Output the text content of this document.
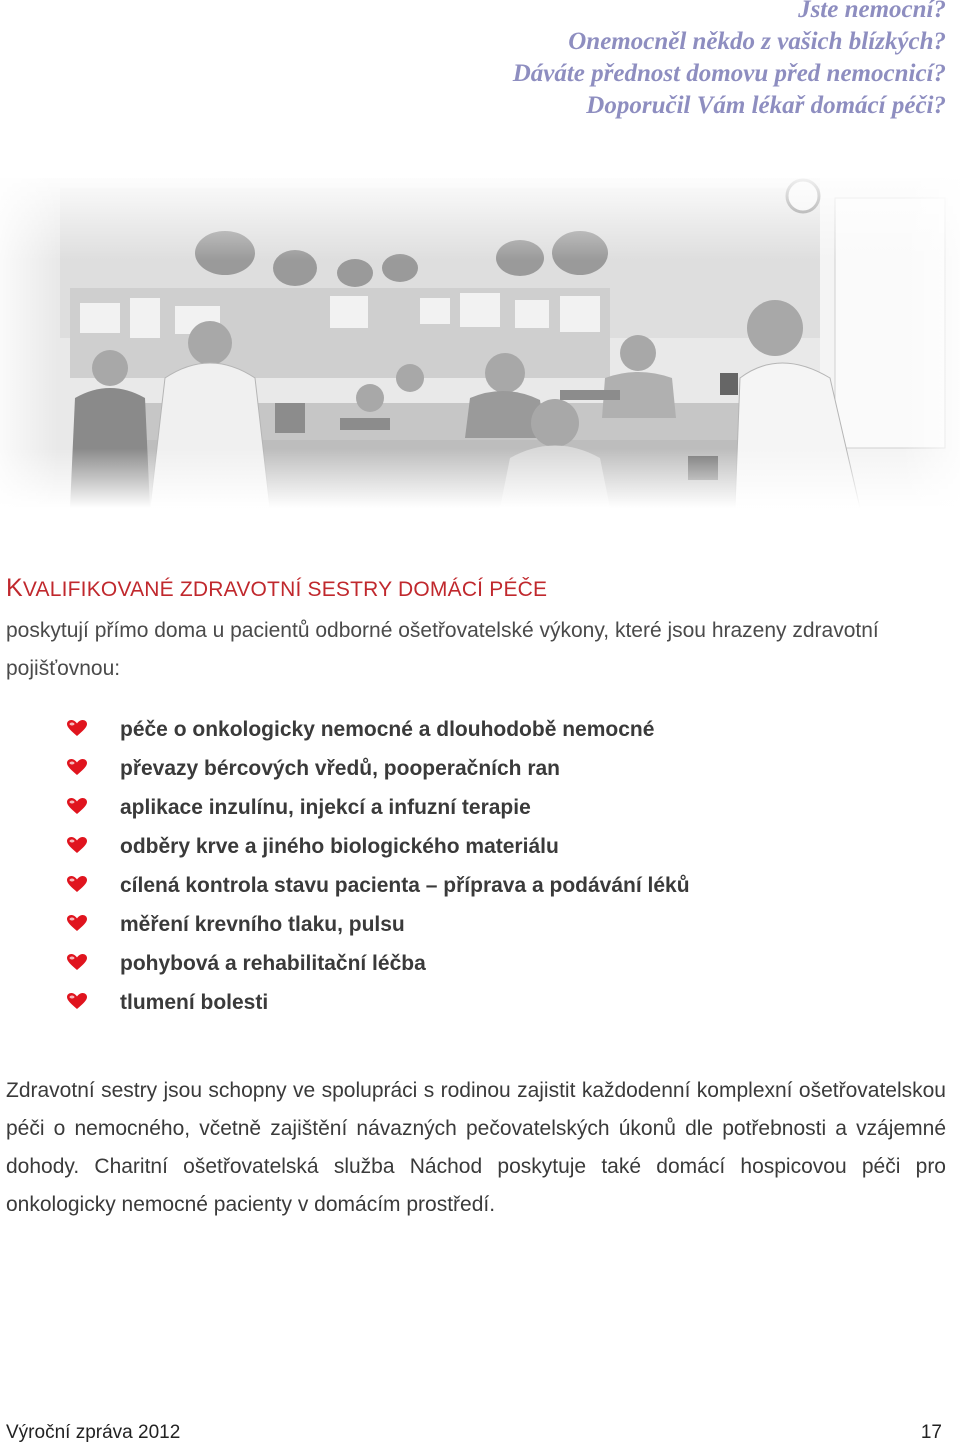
Jste nemocní?
Onemocněl někdo z vašich blízkých?
Dáváte přednost domovu před nemocnicí?
Doporučil Vám lékař domácí péči?
KVALIFIKOVANÉ ZDRAVOTNÍ SESTRY DOMÁCÍ PÉČE
poskytují přímo doma u pacientů odborné ošetřovatelské výkony, které jsou hrazeny zdravotní pojišťovnou:
péče o onkologicky nemocné a dlouhodobě nemocné
převazy bércových vředů, pooperačních ran
aplikace inzulínu, injekcí a infuzní terapie
odběry krve a jiného biologického materiálu
cílená kontrola stavu pacienta – příprava a podávání léků
měření krevního tlaku, pulsu
pohybová a rehabilitační léčba
tlumení bolesti
Zdravotní sestry jsou schopny ve spolupráci s rodinou zajistit každodenní komplexní ošetřovatelskou péči o nemocného, včetně zajištění návazných pečovatelských úkonů dle potřebnosti a vzájemné dohody. Charitní ošetřovatelská služba Náchod poskytuje také domácí hospicovou péči pro onkologicky nemocné pacienty v domácím prostředí.
Výroční zpráva 2012	17
